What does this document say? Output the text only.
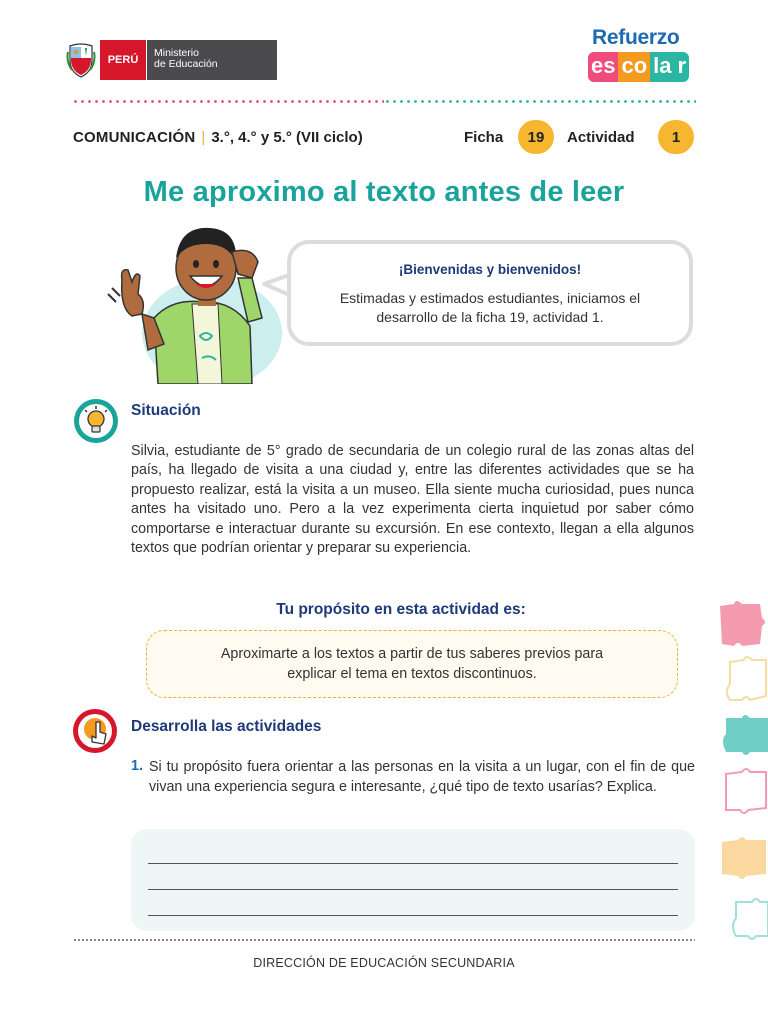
PERÚ
Ministerio
de Educación
Refuerzo
es co la r
COMUNICACIÓN | 3.°, 4.° y 5.° (VII ciclo)	Ficha	19	Actividad	1
Me aproximo al texto antes de leer
¡Bienvenidas y bienvenidos!
Estimadas y estimados estudiantes, iniciamos el desarrollo de la ficha 19, actividad 1.
Situación

Silvia, estudiante de 5° grado de secundaria de un colegio rural de las zonas altas del país, ha llegado de visita a una ciudad y, entre las diferentes actividades que se ha propuesto realizar, está la visita a un museo. Ella siente mucha curiosidad, pues nunca antes ha visitado uno. Pero a la vez experimenta cierta inquietud por saber cómo comportarse e interactuar durante su excursión. En ese contexto, llegan a ella algunos textos que podrían orientar y preparar su experiencia.

Tu propósito en esta actividad es:
Aproximarte a los textos a partir de tus saberes previos para
explicar el tema en textos discontinuos.
Desarrolla las actividades
1. Si tu propósito fuera orientar a las personas en la visita a un lugar, con el fin de que vivan una experiencia segura e interesante, ¿qué tipo de texto usarías? Explica.

DIRECCIÓN DE EDUCACIÓN SECUNDARIA
